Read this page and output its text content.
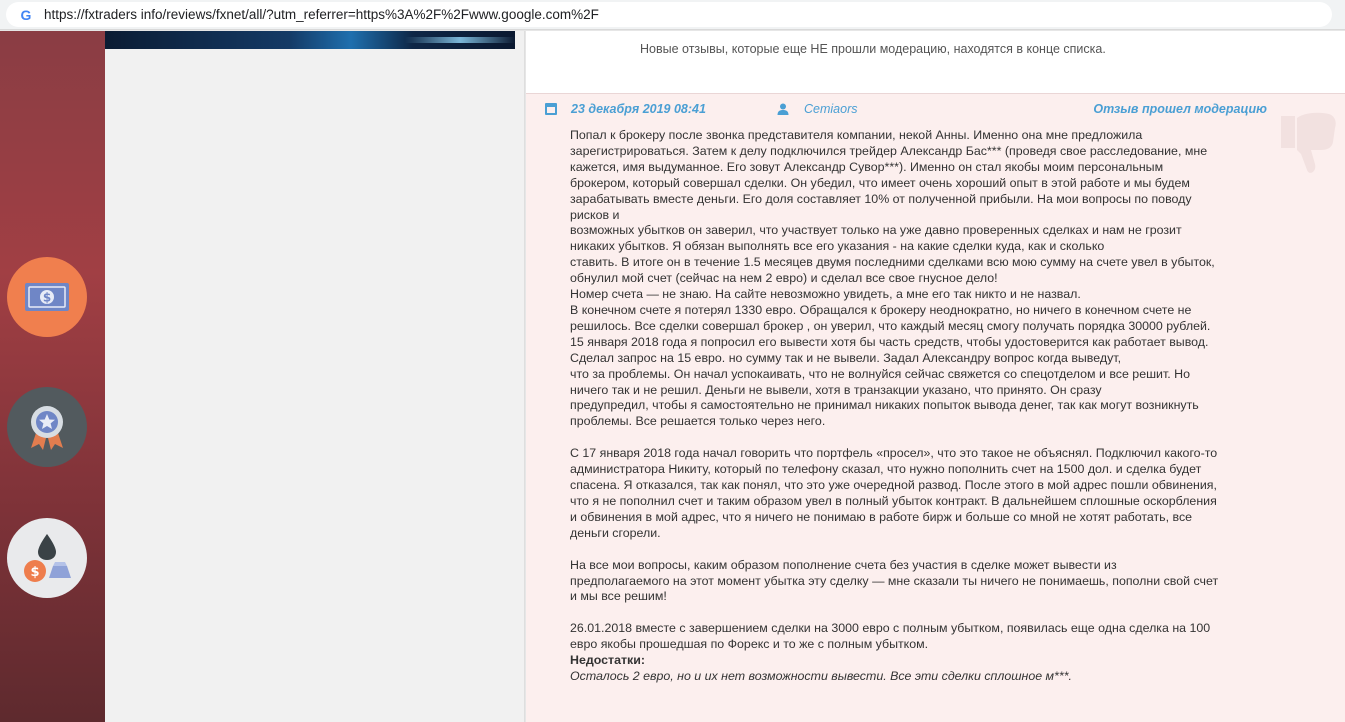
G https://fxtraders info/reviews/fxnet/all/?utm_referrer=https%3A%2F%2Fwww.google.com%2F
$
$
Новые отзывы, которые еще НЕ прошли модерацию, находятся в конце списка.
23 декабря 2019 08:41	Cemiaors	Отзыв прошел модерацию

Попал к брокеру после звонка представителя компании, некой Анны. Именно она мне предложила

зарегистрироваться. Затем к делу подключился трейдер Александр Бас*** (проведя свое расследование, мне

кажется, имя выдуманное. Его зовут Александр Сувор***). Именно он стал якобы моим персональным

брокером, который совершал сделки. Он убедил, что имеет очень хороший опыт в этой работе и мы будем

зарабатывать вместе деньги. Его доля составляет 10% от полученной прибыли. На мои вопросы по поводу

рисков и

возможных убытков он заверил, что участвует только на уже давно проверенных сделках и нам не грозит

никаких убытков. Я обязан выполнять все его указания - на какие сделки куда, как и сколько

ставить. В итоге он в течение 1.5 месяцев двумя последними сделками всю мою сумму на счете увел в убыток,

обнулил мой счет (сейчас на нем 2 евро) и сделал все свое гнусное дело!

Номер счета — не знаю. На сайте невозможно увидеть, а мне его так никто и не назвал.

В конечном счете я потерял 1330 евро. Обращался к брокеру неоднократно, но ничего в конечном счете не

решилось. Все сделки совершал брокер , он уверил, что каждый месяц смогу получать порядка 30000 рублей.

15 января 2018 года я попросил его вывести хотя бы часть средств, чтобы удостоверится как работает вывод.

Сделал запрос на 15 евро. но сумму так и не вывели. Задал Александру вопрос когда выведут,

что за проблемы. Он начал успокаивать, что не волнуйся сейчас свяжется со спецотделом и все решит. Но

ничего так и не решил. Деньги не вывели, хотя в транзакции указано, что принято. Он сразу

предупредил, чтобы я самостоятельно не принимал никаких попыток вывода денег, так как могут возникнуть

проблемы. Все решается только через него.

С 17 января 2018 года начал говорить что портфель «просел», что это такое не объяснял. Подключил какого-то

администратора Никиту, который по телефону сказал, что нужно пополнить счет на 1500 дол. и сделка будет

спасена. Я отказался, так как понял, что это уже очередной развод. После этого в мой адрес пошли обвинения,

что я не пополнил счет и таким образом увел в полный убыток контракт. В дальнейшем сплошные оскорбления

и обвинения в мой адрес, что я ничего не понимаю в работе бирж и больше со мной не хотят работать, все

деньги сгорели.

На все мои вопросы, каким образом пополнение счета без участия в сделке может вывести из

предполагаемого на этот момент убытка эту сделку — мне сказали ты ничего не понимаешь, пополни свой счет

и мы все решим!

26.01.2018 вместе с завершением сделки на 3000 евро с полным убытком, появилась еще одна сделка на 100

евро якобы прошедшая по Форекс и то же с полным убытком.

Недостатки:

Осталось 2 евро, но и их нет возможности вывести. Все эти сделки сплошное м***.
